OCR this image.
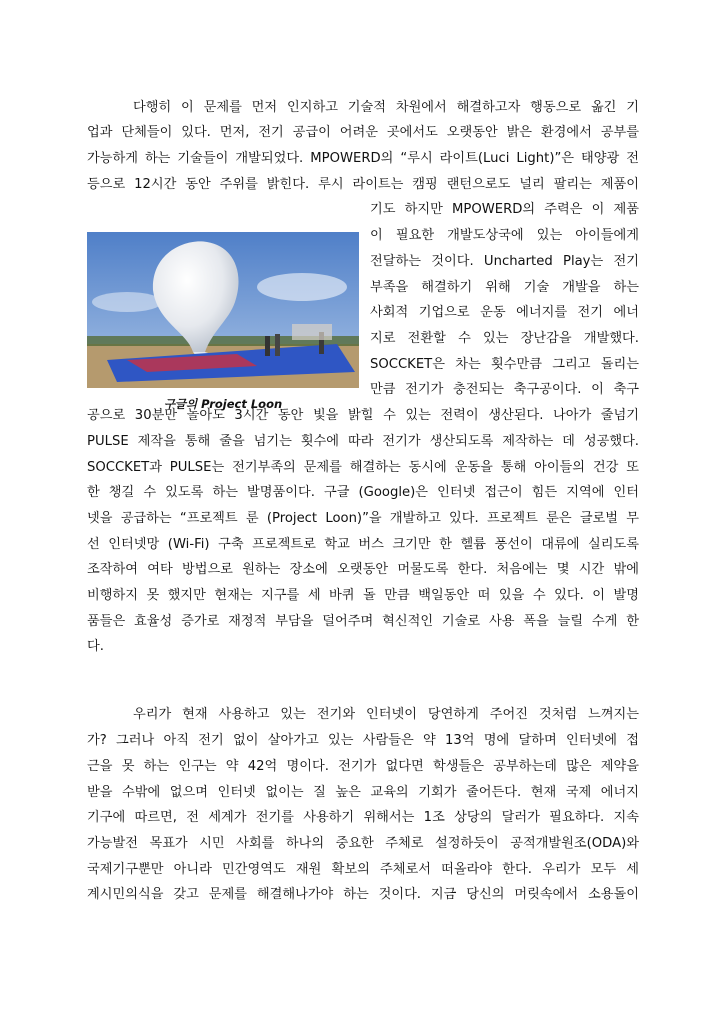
다행히 이 문제를 먼저 인지하고 기술적 차원에서 해결하고자 행동으로 옮긴 기
업과 단체들이 있다. 먼저, 전기 공급이 어려운 곳에서도 오랫동안 밝은 환경에서 공부를
가능하게 하는 기술들이 개발되었다. MPOWERD의 “루시 라이트(Luci Light)”은 태양광 전
등으로 12시간 동안 주위를 밝힌다. 루시 라이트는 캠핑 랜턴으로도 널리 팔리는 제품이
기도 하지만 MPOWERD의 주력은 이 제품
이 필요한 개발도상국에 있는 아이들에게
전달하는 것이다. Uncharted Play는 전기
부족을 해결하기 위해 기술 개발을 하는
사회적 기업으로 운동 에너지를 전기 에너
지로 전환할 수 있는 장난감을 개발했다.
SOCCKET은 차는 횟수만큼 그리고 돌리는
만큼 전기가 충전되는 축구공이다. 이 축구
공으로 30분만 놀아도 3시간 동안 빛을 밝힐 수 있는 전력이 생산된다. 나아가 줄넘기
PULSE 제작을 통해 줄을 넘기는 횟수에 따라 전기가 생산되도록 제작하는 데 성공했다.
SOCCKET과 PULSE는 전기부족의 문제를 해결하는 동시에 운동을 통해 아이들의 건강 또
한 챙길 수 있도록 하는 발명품이다. 구글 (Google)은 인터넷 접근이 힘든 지역에 인터
넷을 공급하는 “프로젝트 룬 (Project Loon)”을 개발하고 있다. 프로젝트 룬은 글로벌 무
선 인터넷망 (Wi-Fi) 구축 프로젝트로 학교 버스 크기만 한 헬륨 풍선이 대류에 실리도록
조작하여 여타 방법으로 원하는 장소에 오랫동안 머물도록 한다. 처음에는 몇 시간 밖에
비행하지 못 했지만 현재는 지구를 세 바퀴 돌 만큼 백일동안 떠 있을 수 있다. 이 발명
품들은 효율성 증가로 재정적 부담을 덜어주며 혁신적인 기술로 사용 폭을 늘릴 수게 한
다.
구글의 Project Loon
우리가 현재 사용하고 있는 전기와 인터넷이 당연하게 주어진 것처럼 느껴지는
가? 그러나 아직 전기 없이 살아가고 있는 사람들은 약 13억 명에 달하며 인터넷에 접
근을 못 하는 인구는 약 42억 명이다. 전기가 없다면 학생들은 공부하는데 많은 제약을
받을 수밖에 없으며 인터넷 없이는 질 높은 교육의 기회가 줄어든다. 현재 국제 에너지
기구에 따르면, 전 세계가 전기를 사용하기 위해서는 1조 상당의 달러가 필요하다. 지속
가능발전 목표가 시민 사회를 하나의 중요한 주체로 설정하듯이 공적개발원조(ODA)와
국제기구뿐만 아니라 민간영역도 재원 확보의 주체로서 떠올라야 한다. 우리가 모두 세
계시민의식을 갖고 문제를 해결해나가야 하는 것이다. 지금 당신의 머릿속에서 소용돌이
